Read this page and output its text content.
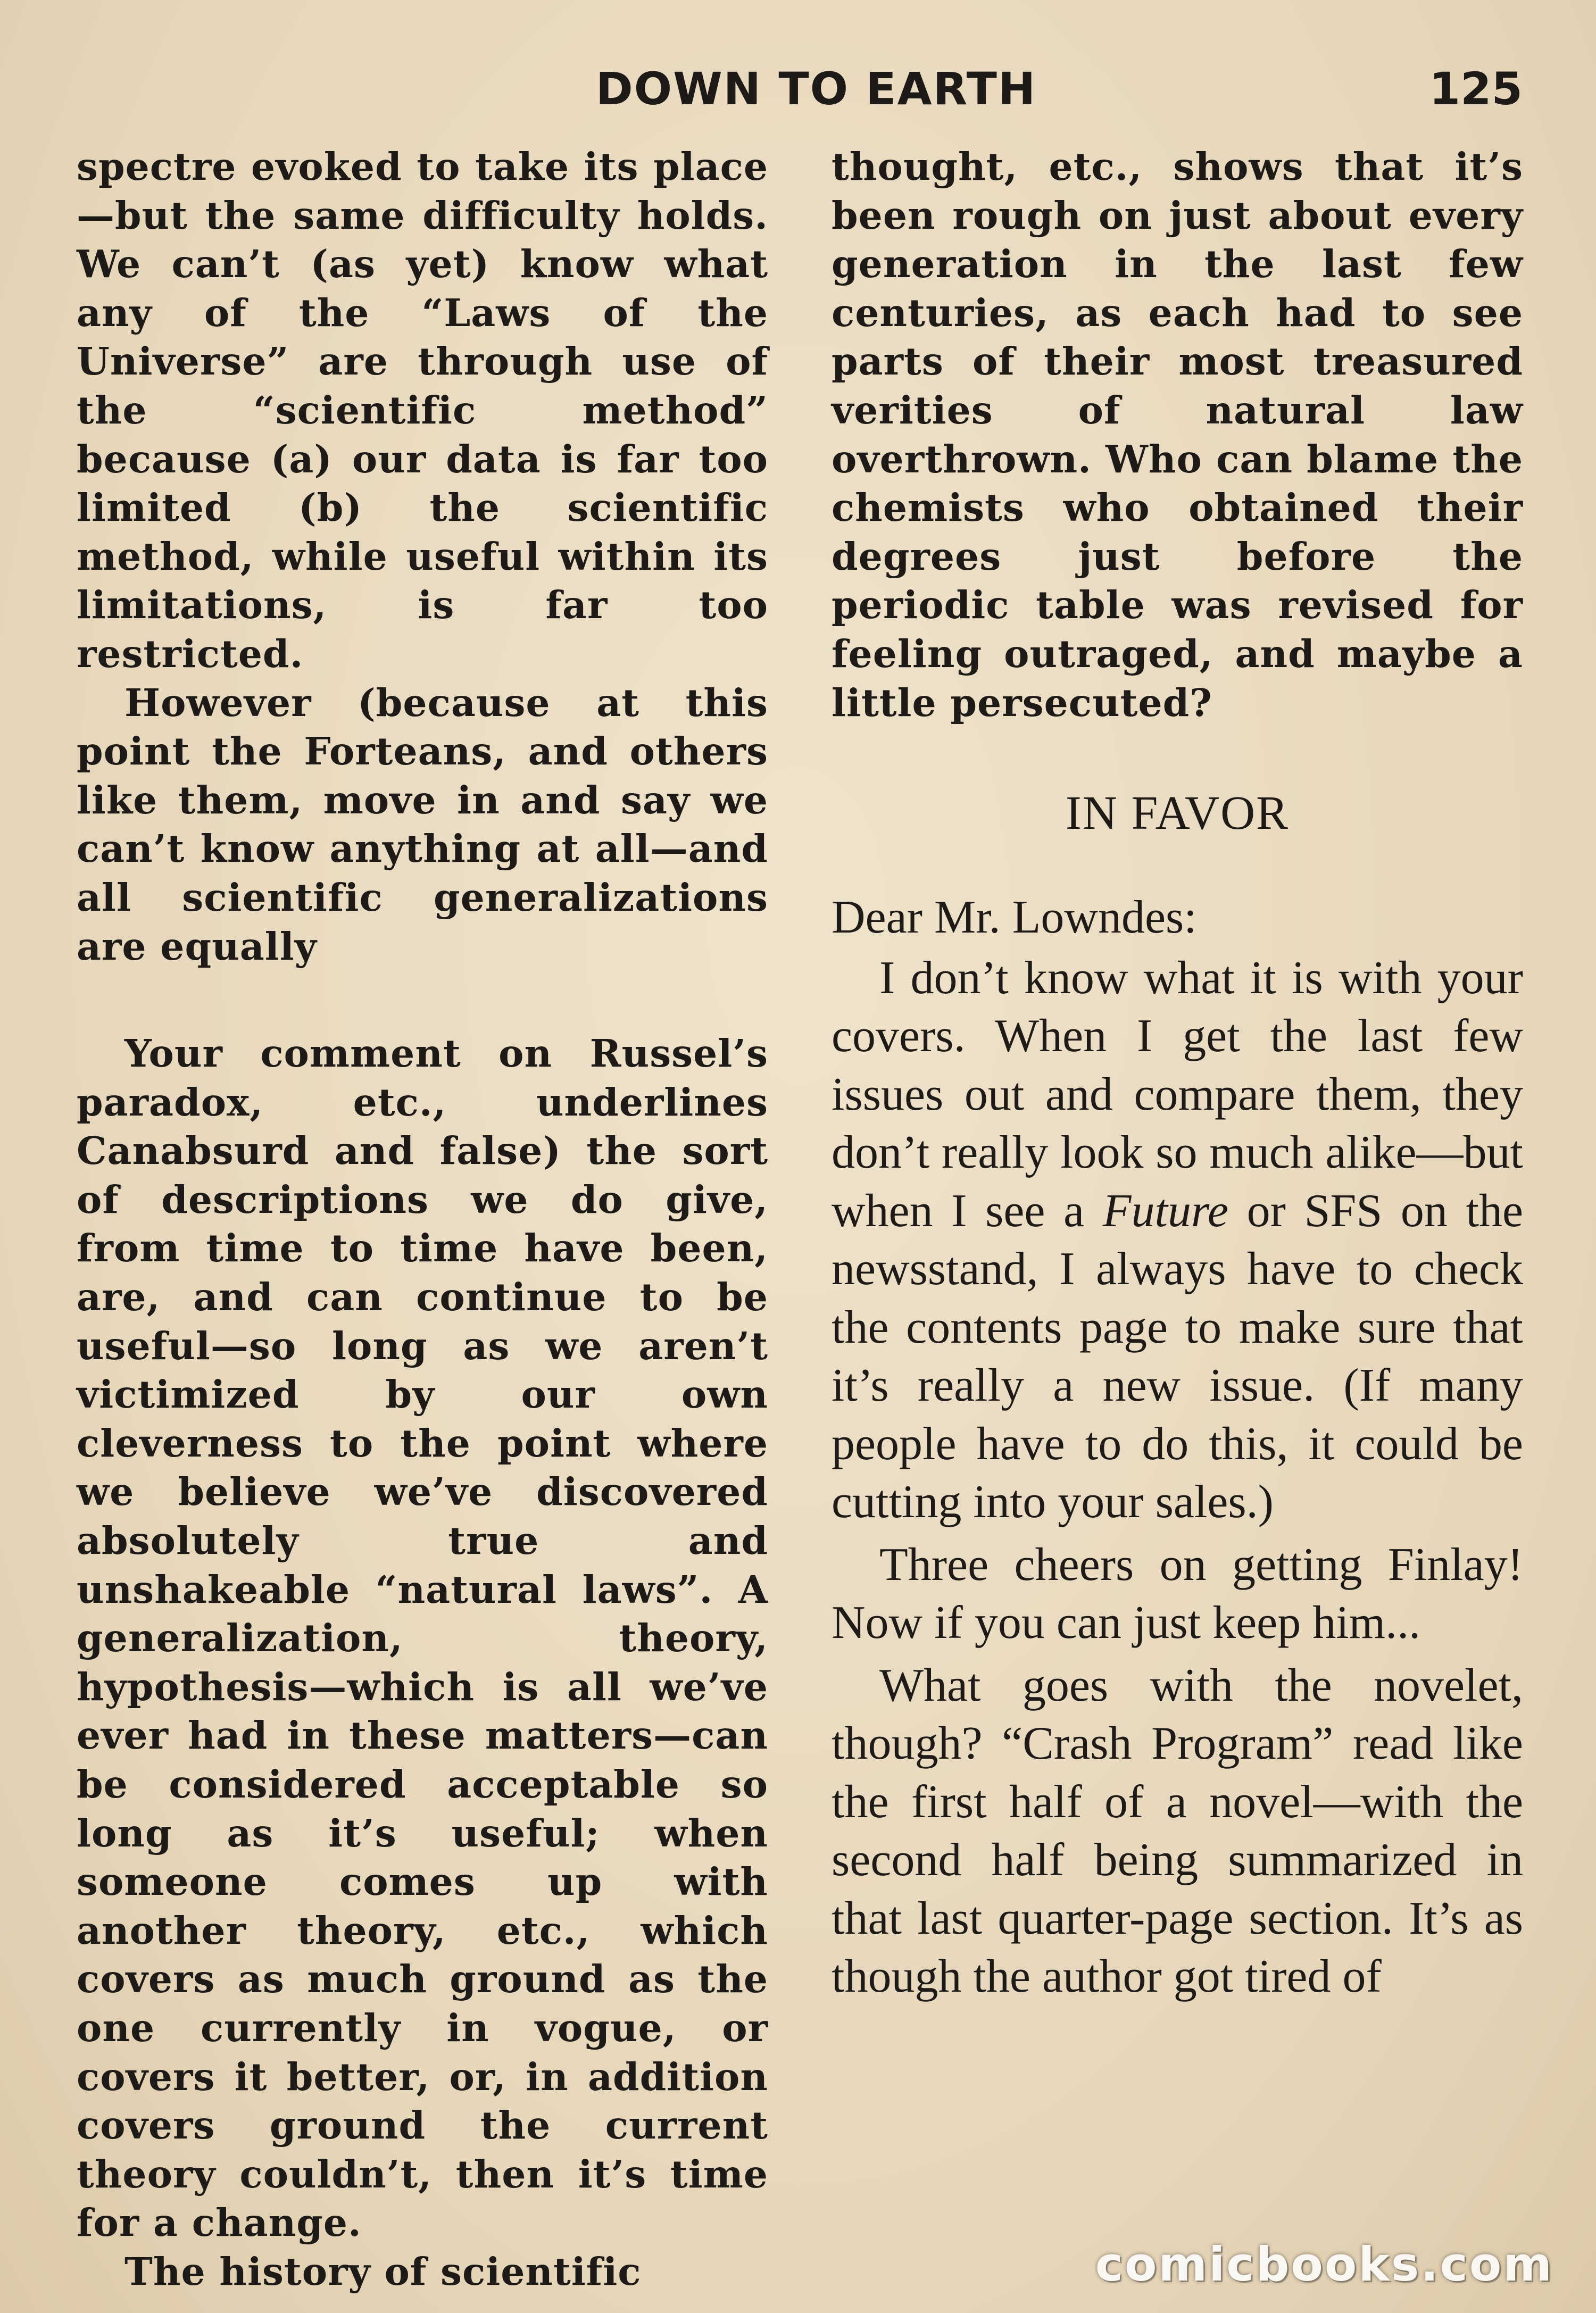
DOWN TO EARTH	125

spectre evoked to take its place—but the same difficulty holds. We can’t (as yet) know what any of the “Laws of the Universe” are through use of the “scientific method” because (a) our data is far too limited (b) the scientific method, while useful within its limitations, is far too restricted.

However (because at this point the Forteans, and others like them, move in and say we can’t know anything at all—and all scientific generalizations are equally

Your comment on Russel’s paradox, etc., underlines Canabsurd and false) the sort of descriptions we do give, from time to time have been, are, and can continue to be useful—so long as we aren’t victimized by our own cleverness to the point where we believe we’ve discovered absolutely true and unshakeable “natural laws”. A generalization, theory, hypothesis—which is all we’ve ever had in these matters—can be considered acceptable so long as it’s useful; when someone comes up with another theory, etc., which covers as much ground as the one currently in vogue, or covers it better, or, in addition covers ground the current theory couldn’t, then it’s time for a change.

The history of scientific

thought, etc., shows that it’s been rough on just about every generation in the last few centuries, as each had to see parts of their most treasured verities of natural law overthrown. Who can blame the chemists who obtained their degrees just before the periodic table was revised for feeling outraged, and maybe a little persecuted?

IN FAVOR

Dear Mr. Lowndes:

I don’t know what it is with your covers. When I get the last few issues out and compare them, they don’t really look so much alike—but when I see a Future or SFS on the newsstand, I always have to check the contents page to make sure that it’s really a new issue. (If many people have to do this, it could be cutting into your sales.)

Three cheers on getting Finlay! Now if you can just keep him...

What goes with the novelet, though? “Crash Program” read like the first half of a novel—with the second half being summarized in that last quarter-page section. It’s as though the author got tired of

comicbooks.com
